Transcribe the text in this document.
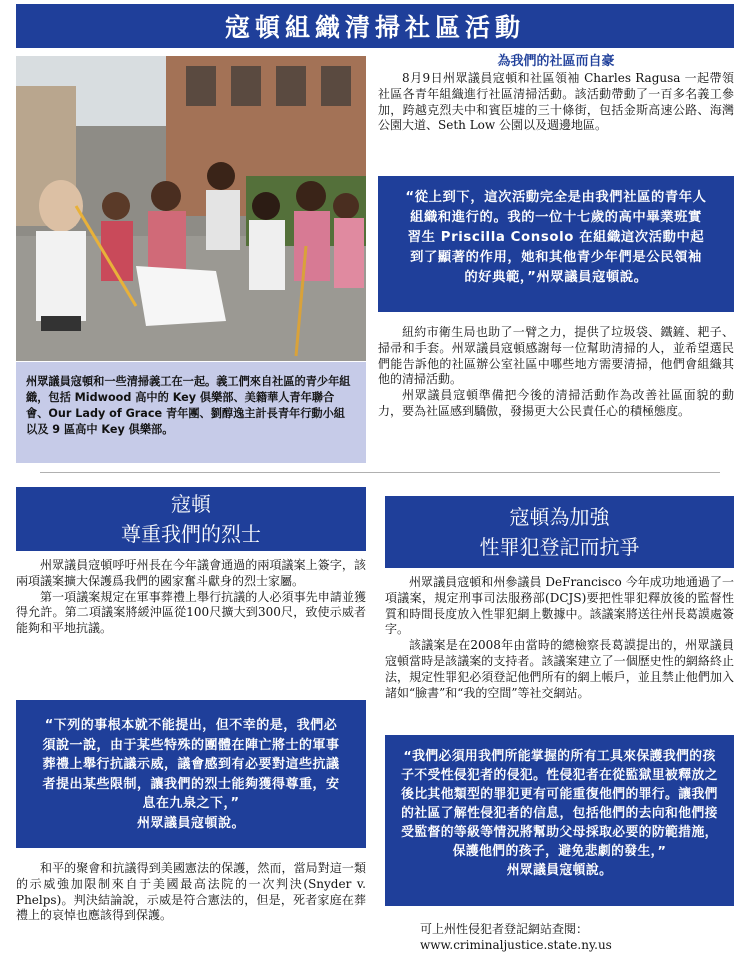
寇頓組織清掃社區活動
州眾議員寇頓和一些清掃義工在一起。義工們來自社區的青少年組織，包括 Midwood 高中的 Key 俱樂部、美籍華人青年聯合會、Our Lady of Grace 青年團、劉醇逸主計長青年行動小組以及 9 區高中 Key 俱樂部。
為我們的社區而自豪

8月9日州眾議員寇頓和社區領袖 Charles Ragusa 一起帶領社區各青年組織進行社區清掃活動。該活動帶動了一百多名義工參加，跨越克烈夫中和賓臣墟的三十條街，包括金斯高速公路、海灣公園大道、Seth Low 公園以及週邊地區。

“從上到下，這次活動完全是由我們社區的青年人組織和進行的。我的一位十七歲的高中畢業班實習生 Priscilla Consolo 在組織這次活動中起到了顯著的作用，她和其他青少年們是公民領袖的好典範，”州眾議員寇頓說。

紐約市衛生局也助了一臂之力，提供了垃圾袋、鐵鏟、耙子、掃帚和手套。州眾議員寇頓感謝每一位幫助清掃的人，並希望選民們能告訴他的社區辦公室社區中哪些地方需要清掃，他們會組織其他的清掃活動。

州眾議員寇頓準備把今後的清掃活動作為改善社區面貌的動力，要為社區感到驕傲，發揚更大公民責任心的積極態度。

寇頓
尊重我們的烈士

州眾議員寇頓呼吁州長在今年議會通過的兩項議案上簽字，該兩項議案擴大保護爲我們的國家奮斗獻身的烈士家屬。

第一項議案規定在軍事葬禮上舉行抗議的人必須事先申請並獲得允許。第二項議案將緩沖區從100尺擴大到300尺，致使示威者能夠和平地抗議。

“下列的事根本就不能提出，但不幸的是，我們必須說一說，由于某些特殊的團體在陣亡將士的軍事葬禮上舉行抗議示威，議會感到有必要對這些抗議者提出某些限制，讓我們的烈士能夠獲得尊重，安息在九泉之下，”
州眾議員寇頓說。

和平的聚會和抗議得到美國憲法的保護，然而，當局對這一類的示威強加限制來自于美國最高法院的一次判決(Snyder v. Phelps)。判決結論說，示威是符合憲法的，但是，死者家庭在葬禮上的哀悼也應該得到保護。

寇頓為加強
性罪犯登記而抗爭

州眾議員寇頓和州參議員 DeFrancisco 今年成功地通過了一項議案，規定刑事司法服務部(DCJS)要把性罪犯釋放後的監督性質和時間長度放入性罪犯網上數據中。該議案將送往州長葛謨處簽字。

該議案是在2008年由當時的總檢察長葛謨提出的，州眾議員寇頓當時是該議案的支持者。該議案建立了一個歷史性的網絡終止法，規定性罪犯必須登記他們所有的網上帳戶，並且禁止他們加入諸如“臉書”和“我的空間”等社交網站。

“我們必須用我們所能掌握的所有工具來保護我們的孩子不受性侵犯者的侵犯。性侵犯者在從監獄里被釋放之後比其他類型的罪犯更有可能重復他們的罪行。讓我們的社區了解性侵犯者的信息，包括他們的去向和他們接受監督的等級等情況將幫助父母採取必要的防範措施，保護他們的孩子，避免悲劇的發生，”
州眾議員寇頓說。
可上州性侵犯者登記網站查閱：
www.criminaljustice.state.ny.us
